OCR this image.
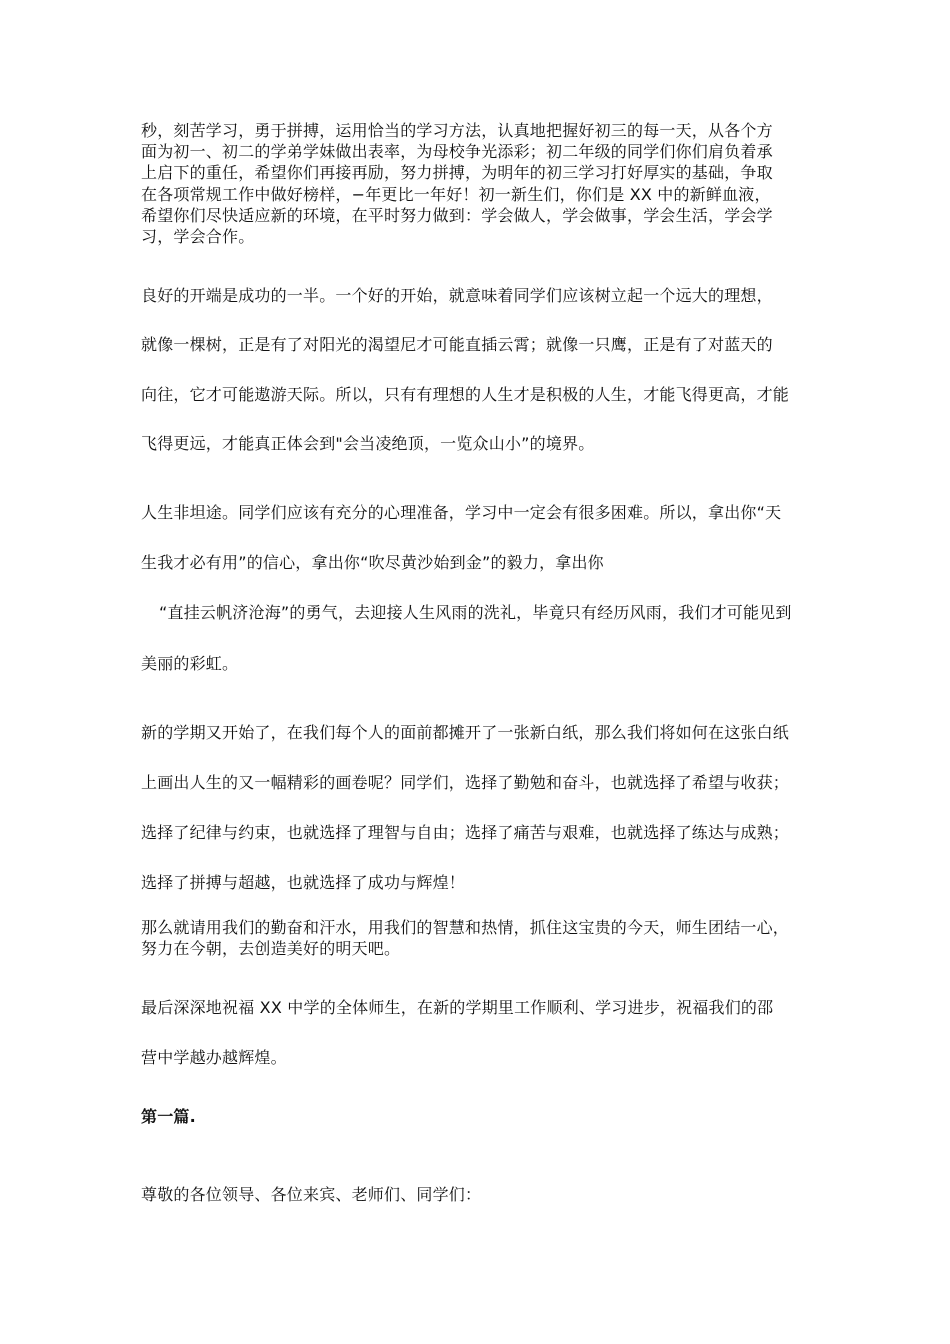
秒，刻苦学习，勇于拼搏，运用恰当的学习方法，认真地把握好初三的每一天，从各个方
面为初一、初二的学弟学妹做出表率，为母校争光添彩；初二年级的同学们你们肩负着承
上启下的重任，希望你们再接再励，努力拼搏，为明年的初三学习打好厚实的基础，争取
在各项常规工作中做好榜样，−年更比一年好！初一新生们，你们是 XX 中的新鲜血液，
希望你们尽快适应新的环境，在平时努力做到：学会做人，学会做事，学会生活，学会学
习，学会合作。
良好的开端是成功的一半。一个好的开始，就意味着同学们应该树立起一个远大的理想，
就像一棵树，正是有了对阳光的渴望尼才可能直插云霄；就像一只鹰，正是有了对蓝天的
向往，它才可能遨游天际。所以，只有有理想的人生才是积极的人生，才能飞得更高，才能
飞得更远，才能真正体会到"会当凌绝顶，一览众山小”的境界。
人生非坦途。同学们应该有充分的心理准备，学习中一定会有很多困难。所以，拿出你“天
生我才必有用”的信心，拿出你“吹尽黄沙始到金”的毅力，拿出你
“直挂云帆济沧海”的勇气，去迎接人生风雨的洗礼，毕竟只有经历风雨，我们才可能见到
美丽的彩虹。
新的学期又开始了，在我们每个人的面前都摊开了一张新白纸，那么我们将如何在这张白纸
上画出人生的又一幅精彩的画卷呢？同学们，选择了勤勉和奋斗，也就选择了希望与收获；
选择了纪律与约束，也就选择了理智与自由；选择了痛苦与艰难，也就选择了练达与成熟；
选择了拼搏与超越，也就选择了成功与辉煌！
那么就请用我们的勤奋和汗水，用我们的智慧和热情，抓住这宝贵的今天，师生团结一心，
努力在今朝，去创造美好的明天吧。
最后深深地祝福 XX 中学的全体师生，在新的学期里工作顺利、学习进步，祝福我们的邵
营中学越办越辉煌。
第一篇.
尊敬的各位领导、各位来宾、老师们、同学们：
